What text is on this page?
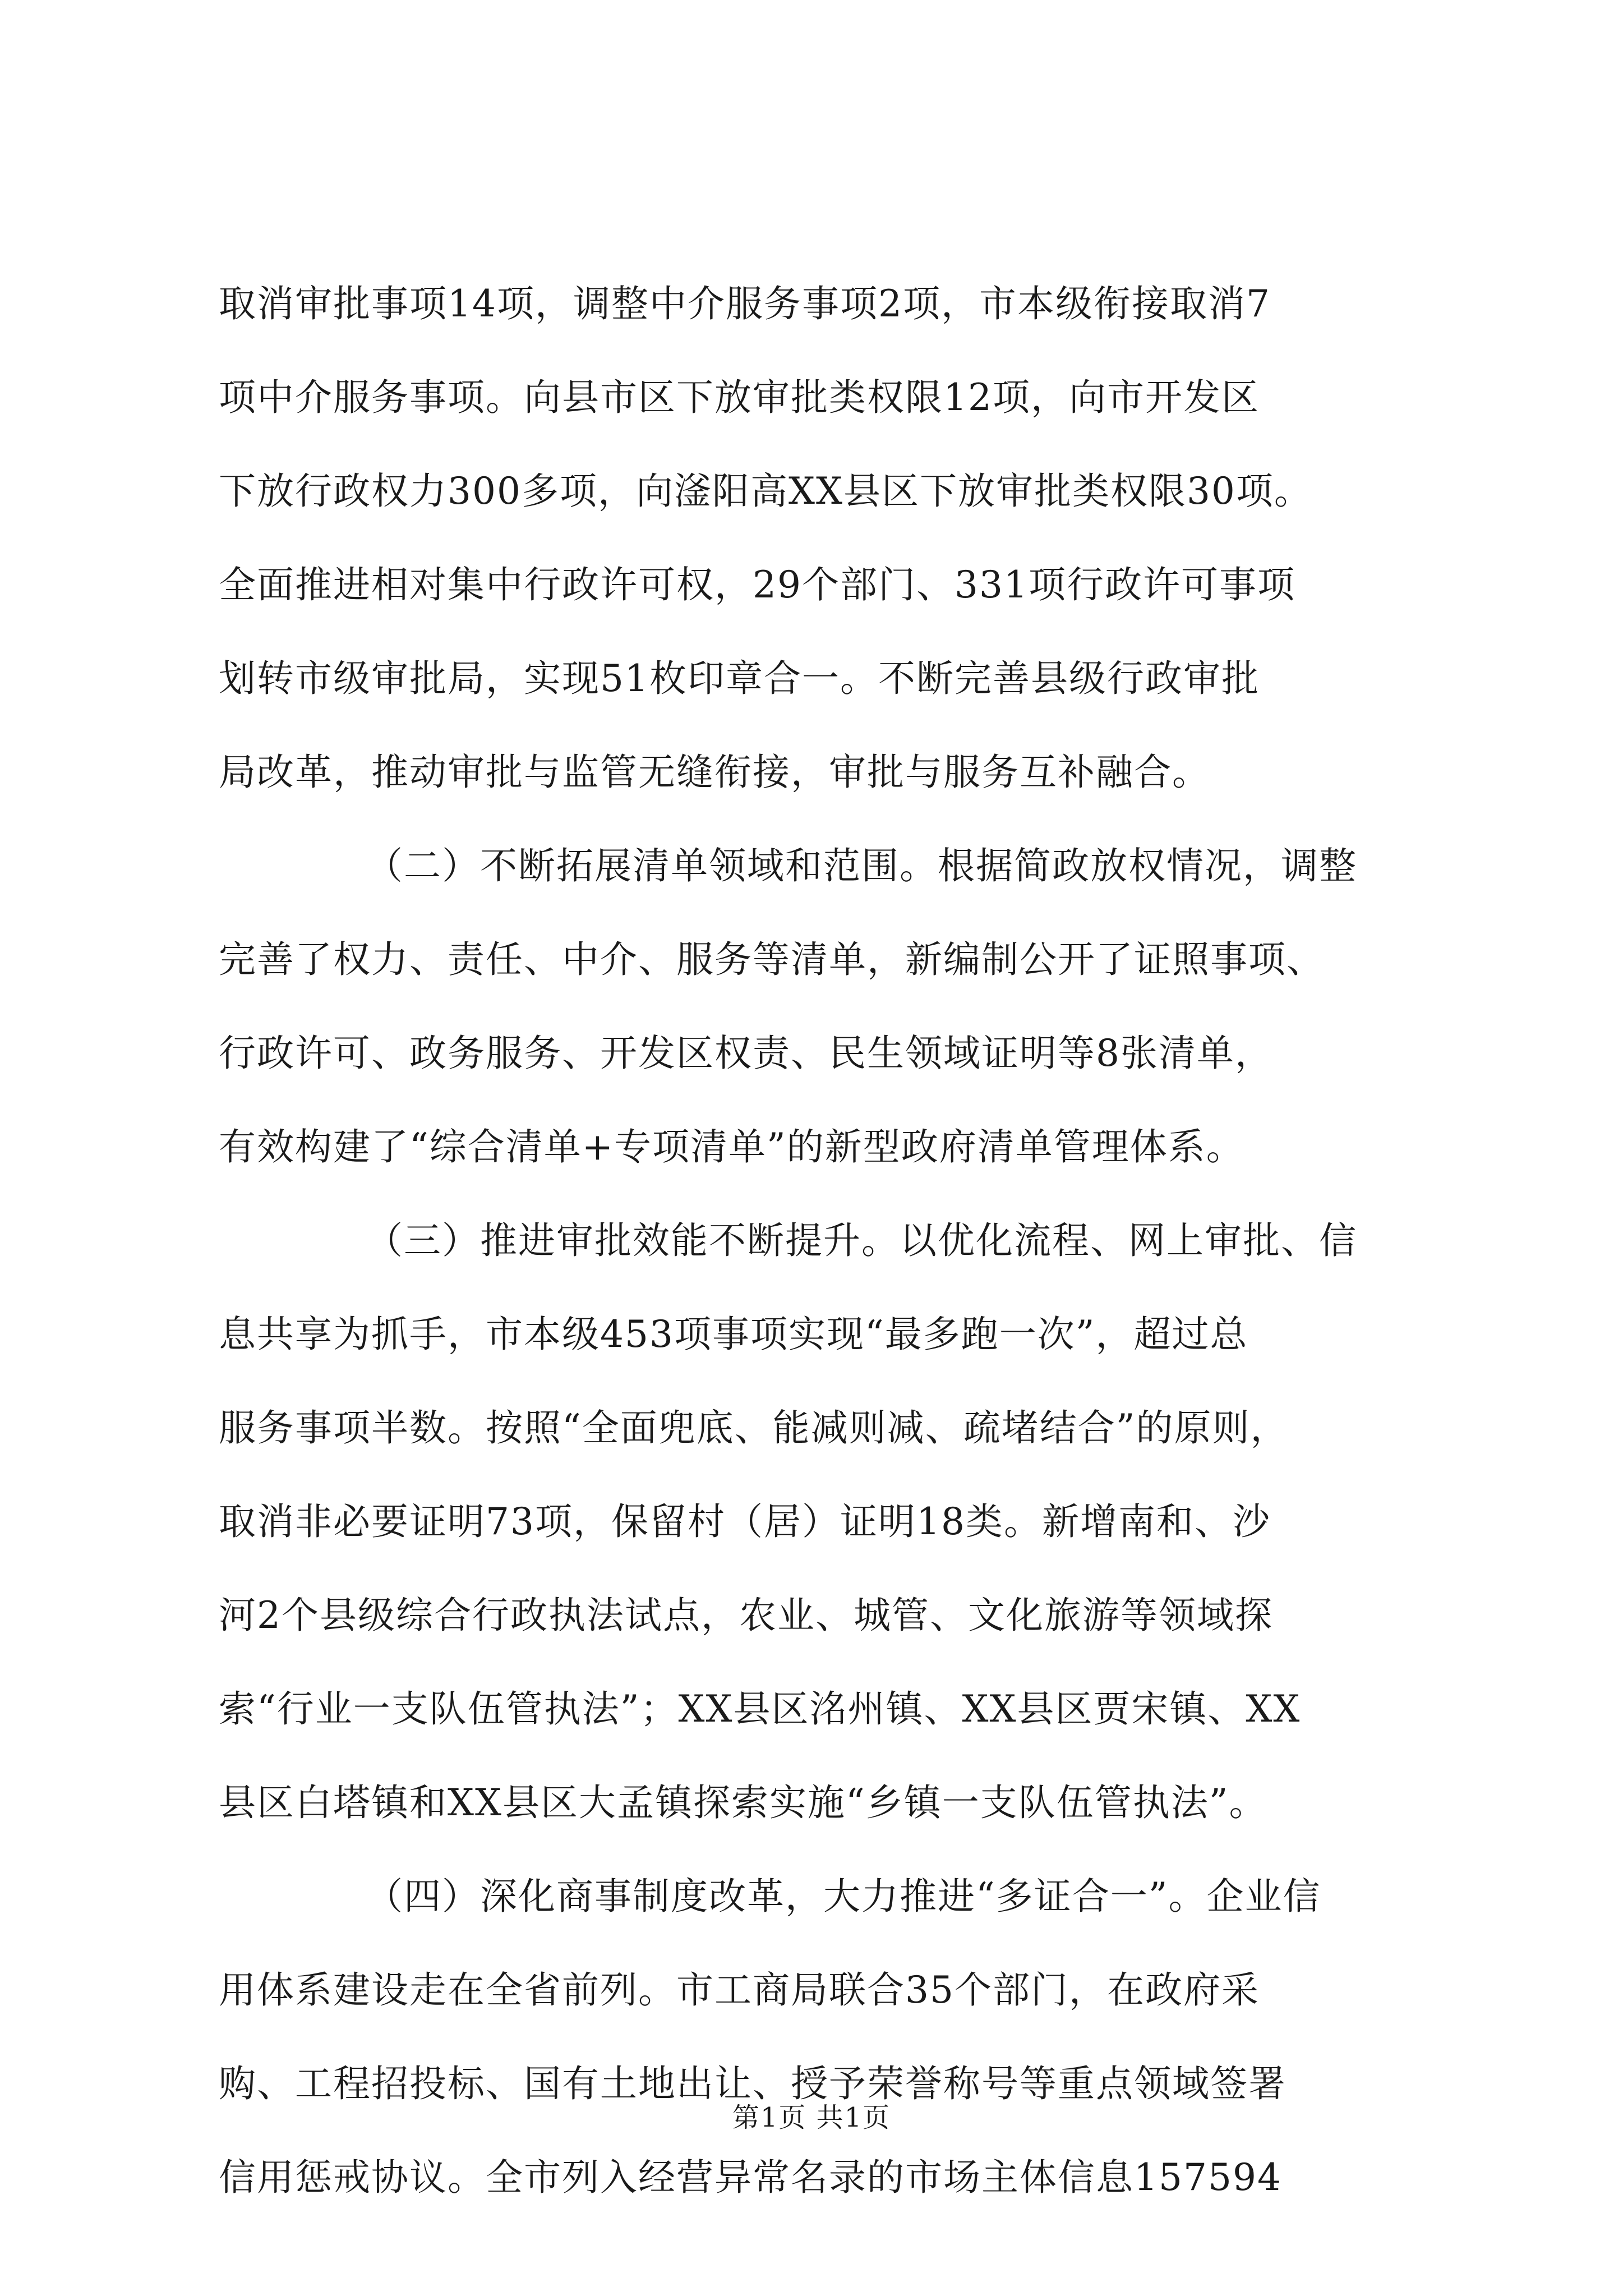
取消审批事项14项，调整中介服务事项2项，市本级衔接取消7
项中介服务事项。向县市区下放审批类权限12项，向市开发区
下放行政权力300多项，向滏阳高XX县区下放审批类权限30项。
全面推进相对集中行政许可权，29个部门、331项行政许可事项
划转市级审批局，实现51枚印章合一。不断完善县级行政审批
局改革，推动审批与监管无缝衔接，审批与服务互补融合。
（二）不断拓展清单领域和范围。根据简政放权情况，调整
完善了权力、责任、中介、服务等清单，新编制公开了证照事项、
行政许可、政务服务、开发区权责、民生领域证明等8张清单，
有效构建了“综合清单+专项清单”的新型政府清单管理体系。
（三）推进审批效能不断提升。以优化流程、网上审批、信
息共享为抓手，市本级453项事项实现“最多跑一次”，超过总
服务事项半数。按照“全面兜底、能减则减、疏堵结合”的原则，
取消非必要证明73项，保留村（居）证明18类。新增南和、沙
河2个县级综合行政执法试点，农业、城管、文化旅游等领域探
索“行业一支队伍管执法”；XX县区洺州镇、XX县区贾宋镇、XX
县区白塔镇和XX县区大孟镇探索实施“乡镇一支队伍管执法”。
（四）深化商事制度改革，大力推进“多证合一”。企业信
用体系建设走在全省前列。市工商局联合35个部门，在政府采
购、工程招投标、国有土地出让、授予荣誉称号等重点领域签署
信用惩戒协议。全市列入经营异常名录的市场主体信息157594
第1页 共1页
